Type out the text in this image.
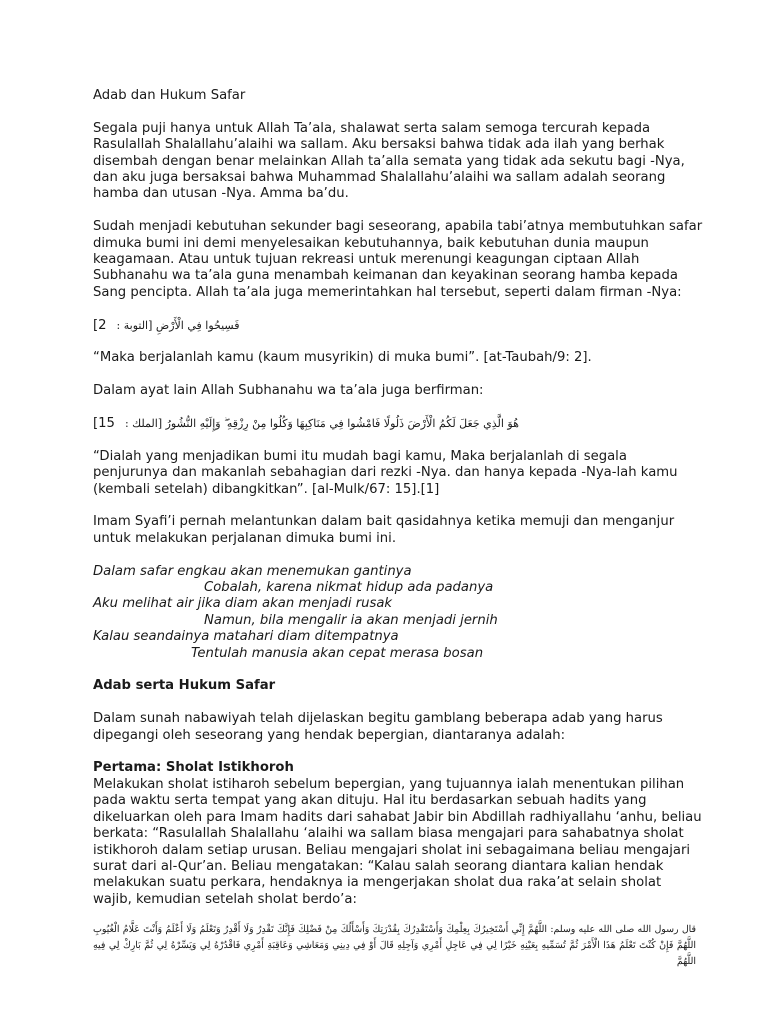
Adab dan Hukum Safar

Segala puji hanya untuk Allah Ta’ala, shalawat serta salam semoga tercurah kepada Rasulallah Shalallahu’alaihi wa sallam. Aku bersaksi bahwa tidak ada ilah yang berhak disembah dengan benar melainkan Allah ta’alla semata yang tidak ada sekutu bagi -Nya, dan aku juga bersaksai bahwa Muhammad Shalallahu’alaihi wa sallam adalah seorang hamba dan utusan -Nya. Amma ba’du.

Sudah menjadi kebutuhan sekunder bagi seseorang, apabila tabi’atnya membutuhkan safar dimuka bumi ini demi menyelesaikan kebutuhannya, baik kebutuhan dunia maupun keagamaan. Atau untuk tujuan rekreasi untuk merenungi keagungan ciptaan Allah Subhanahu wa ta’ala guna menambah keimanan dan keyakinan seorang hamba kepada Sang pencipta. Allah ta’ala juga memerintahkan hal tersebut, seperti dalam firman -Nya:

[2 فَسِيحُوا فِي الْأَرْضِ [التوبة :

“Maka berjalanlah kamu (kaum musyrikin) di muka bumi”. [at-Taubah/9: 2].

Dalam ayat lain Allah Subhanahu wa ta’ala juga berfirman:

[15 هُوَ الَّذِي جَعَلَ لَكُمُ الْأَرْضَ ذَلُولًا فَامْشُوا فِي مَنَاكِبِهَا وَكُلُوا مِنْ رِزْقِهِ ۖ وَإِلَيْهِ النُّشُورُ [الملك :

“Dialah yang menjadikan bumi itu mudah bagi kamu, Maka berjalanlah di segala penjurunya dan makanlah sebahagian dari rezki -Nya. dan hanya kepada -Nya-lah kamu (kembali setelah) dibangkitkan”. [al-Mulk/67: 15].[1]

Imam Syafi’i pernah melantunkan dalam bait qasidahnya ketika memuji dan menganjur untuk melakukan perjalanan dimuka bumi ini.

Dalam safar engkau akan menemukan gantinya
Cobalah, karena nikmat hidup ada padanya
Aku melihat air jika diam akan menjadi rusak
Namun, bila mengalir ia akan menjadi jernih
Kalau seandainya matahari diam ditempatnya
Tentulah manusia akan cepat merasa bosan
Adab serta Hukum Safar

Dalam sunah nabawiyah telah dijelaskan begitu gamblang beberapa adab yang harus dipegangi oleh seseorang yang hendak bepergian, diantaranya adalah:

Pertama: Sholat Istikhoroh

Melakukan sholat istiharoh sebelum bepergian, yang tujuannya ialah menentukan pilihan pada waktu serta tempat yang akan dituju. Hal itu berdasarkan sebuah hadits yang dikeluarkan oleh para Imam hadits dari sahabat Jabir bin Abdillah radhiyallahu ‘anhu, beliau berkata: “Rasulallah Shalallahu ‘alaihi wa sallam biasa mengajari para sahabatnya sholat istikhoroh dalam setiap urusan. Beliau mengajari sholat ini sebagaimana beliau mengajari surat dari al-Qur’an. Beliau mengatakan: “Kalau salah seorang diantara kalian hendak melakukan suatu perkara, hendaknya ia mengerjakan sholat dua raka’at selain sholat wajib, kemudian setelah sholat berdo’a:

قال رسول الله صلى الله عليه وسلم: اللَّهُمَّ إِنِّي أَسْتَخِيرُكَ بِعِلْمِكَ وَأَسْتَقْدِرُكَ بِقُدْرَتِكَ وَأَسْأَلُكَ مِنْ فَضْلِكَ فَإِنَّكَ تَقْدِرُ وَلَا أَقْدِرُ وَتَعْلَمُ وَلَا أَعْلَمُ وَأَنْتَ عَلَّامُ الْغُيُوبِ اللَّهُمَّ فَإِنْ كُنْتَ تَعْلَمُ هَذَا الْأَمْرَ ثُمَّ تُسَمِّيهِ بِعَيْنِهِ خَيْرًا لِي فِي عَاجِلِ أَمْرِي وَآجِلِهِ قَالَ أَوْ فِي دِينِي وَمَعَاشِي وَعَاقِبَةِ أَمْرِي فَاقْدُرْهُ لِي وَيَسِّرْهُ لِي ثُمَّ بَارِكْ لِي فِيهِ اللَّهُمَّ
